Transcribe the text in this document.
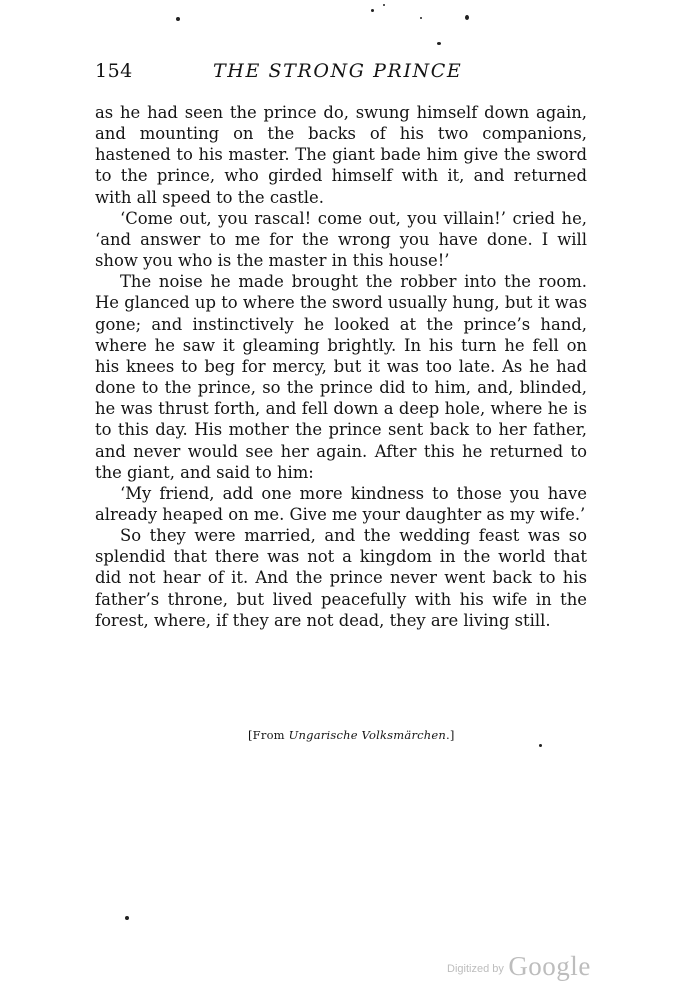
154	THE STRONG PRINCE

as he had seen the prince do, swung himself down again, and mounting on the backs of his two companions, hastened to his master. The giant bade him give the sword to the prince, who girded himself with it, and returned with all speed to the castle.

‘Come out, you rascal! come out, you villain!’ cried he, ‘and answer to me for the wrong you have done. I will show you who is the master in this house!’

The noise he made brought the robber into the room. He glanced up to where the sword usually hung, but it was gone; and instinctively he looked at the prince’s hand, where he saw it gleaming brightly. In his turn he fell on his knees to beg for mercy, but it was too late. As he had done to the prince, so the prince did to him, and, blinded, he was thrust forth, and fell down a deep hole, where he is to this day. His mother the prince sent back to her father, and never would see her again. After this he returned to the giant, and said to him:

‘My friend, add one more kindness to those you have already heaped on me. Give me your daughter as my wife.’

So they were married, and the wedding feast was so splendid that there was not a kingdom in the world that did not hear of it. And the prince never went back to his father’s throne, but lived peacefully with his wife in the forest, where, if they are not dead, they are living still.

[From Ungarische Volksmärchen.]
Digitized by Google
